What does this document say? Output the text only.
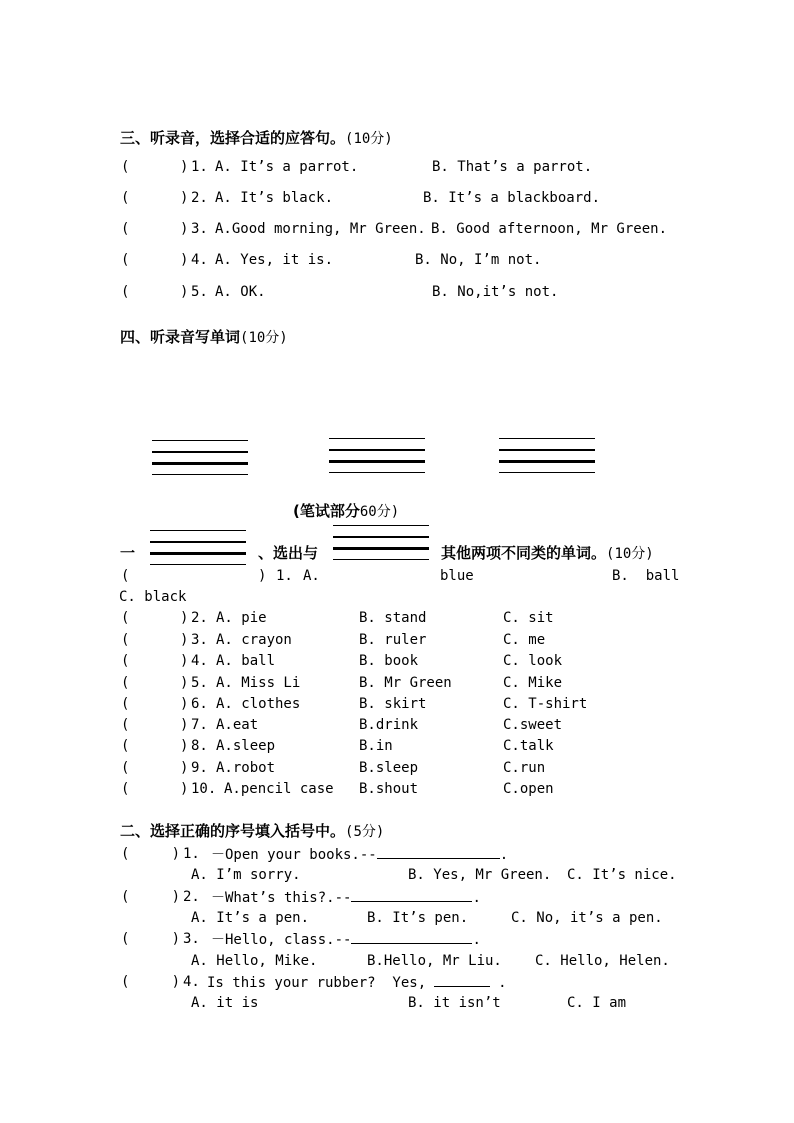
三、听录音，选择合适的应答句。(10分)
(      ) 1. A. It’s a parrot.	B. That’s a parrot.
(      ) 2. A. It’s black.	B. It’s a blackboard.
(      ) 3. A.Good morning, Mr Green. B. Good afternoon, Mr Green.
(      ) 4. A. Yes, it is.	B. No, I’m not.
(      ) 5. A. OK.	B. No,it’s not.
四、听录音写单词(10分)
(笔试部分60分)
一	、选出与	其他两项不同类的单词。(10分)
(	) 1. A.	blue	B.  ball
C. black
(      ) 2. A. pie	B. stand	C. sit
(      ) 3. A. crayon	B. ruler	C. me
(      ) 4. A. ball	B. book	C. look
(      ) 5. A. Miss Li	B. Mr Green	C. Mike
(      ) 6. A. clothes	B. skirt	C. T-shirt
(      ) 7. A.eat	B.drink	C.sweet
(      ) 8. A.sleep	B.in	C.talk
(      ) 9. A.robot	B.sleep	C.run
(      ) 10. A.pencil case B.shout	C.open
二、选择正确的序号填入括号中。(5分)
(     ) 1. －Open your books.--	.
A. I’m sorry.	B. Yes, Mr Green. C. It’s nice.
(     ) 2. －What’s this?.--	.
A. It’s a pen.	B. It’s pen.	C. No, it’s a pen.
(     ) 3. －Hello, class.--	.
A. Hello, Mike.	B.Hello, Mr Liu. C. Hello, Helen.
(     ) 4. Is this your rubber?  Yes,	.
A. it is	B. it isn’t	C. I am
